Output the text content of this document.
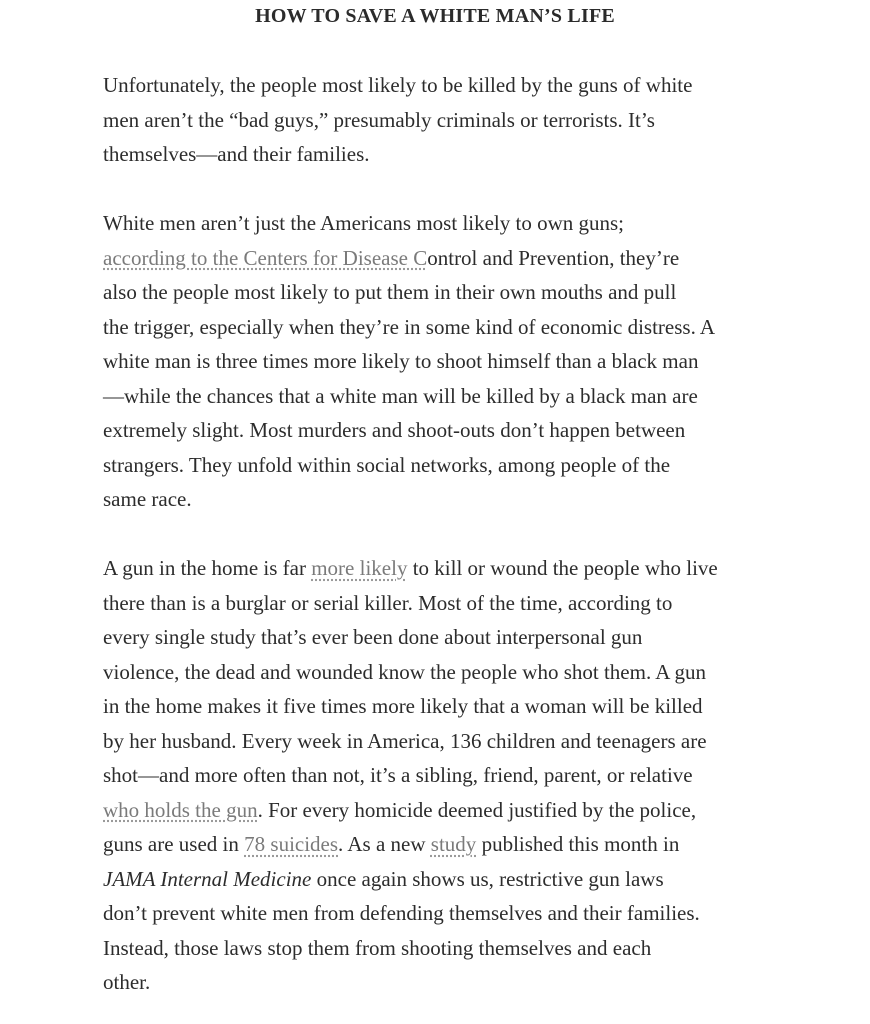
HOW TO SAVE A WHITE MAN’S LIFE

Unfortunately, the people most likely to be killed by the guns of white
men aren’t the “bad guys,” presumably criminals or terrorists. It’s
themselves—and their families.

White men aren’t just the Americans most likely to own guns;
according to the Centers for Disease Control and Prevention, they’re
also the people most likely to put them in their own mouths and pull
the trigger, especially when they’re in some kind of economic distress. A
white man is three times more likely to shoot himself than a black man
—while the chances that a white man will be killed by a black man are
extremely slight. Most murders and shoot-outs don’t happen between
strangers. They unfold within social networks, among people of the
same race.

A gun in the home is far more likely to kill or wound the people who live
there than is a burglar or serial killer. Most of the time, according to
every single study that’s ever been done about interpersonal gun
violence, the dead and wounded know the people who shot them. A gun
in the home makes it five times more likely that a woman will be killed
by her husband. Every week in America, 136 children and teenagers are
shot—and more often than not, it’s a sibling, friend, parent, or relative
who holds the gun. For every homicide deemed justified by the police,
guns are used in 78 suicides. As a new study published this month in
JAMA Internal Medicine once again shows us, restrictive gun laws
don’t prevent white men from defending themselves and their families.
Instead, those laws stop them from shooting themselves and each
other.
